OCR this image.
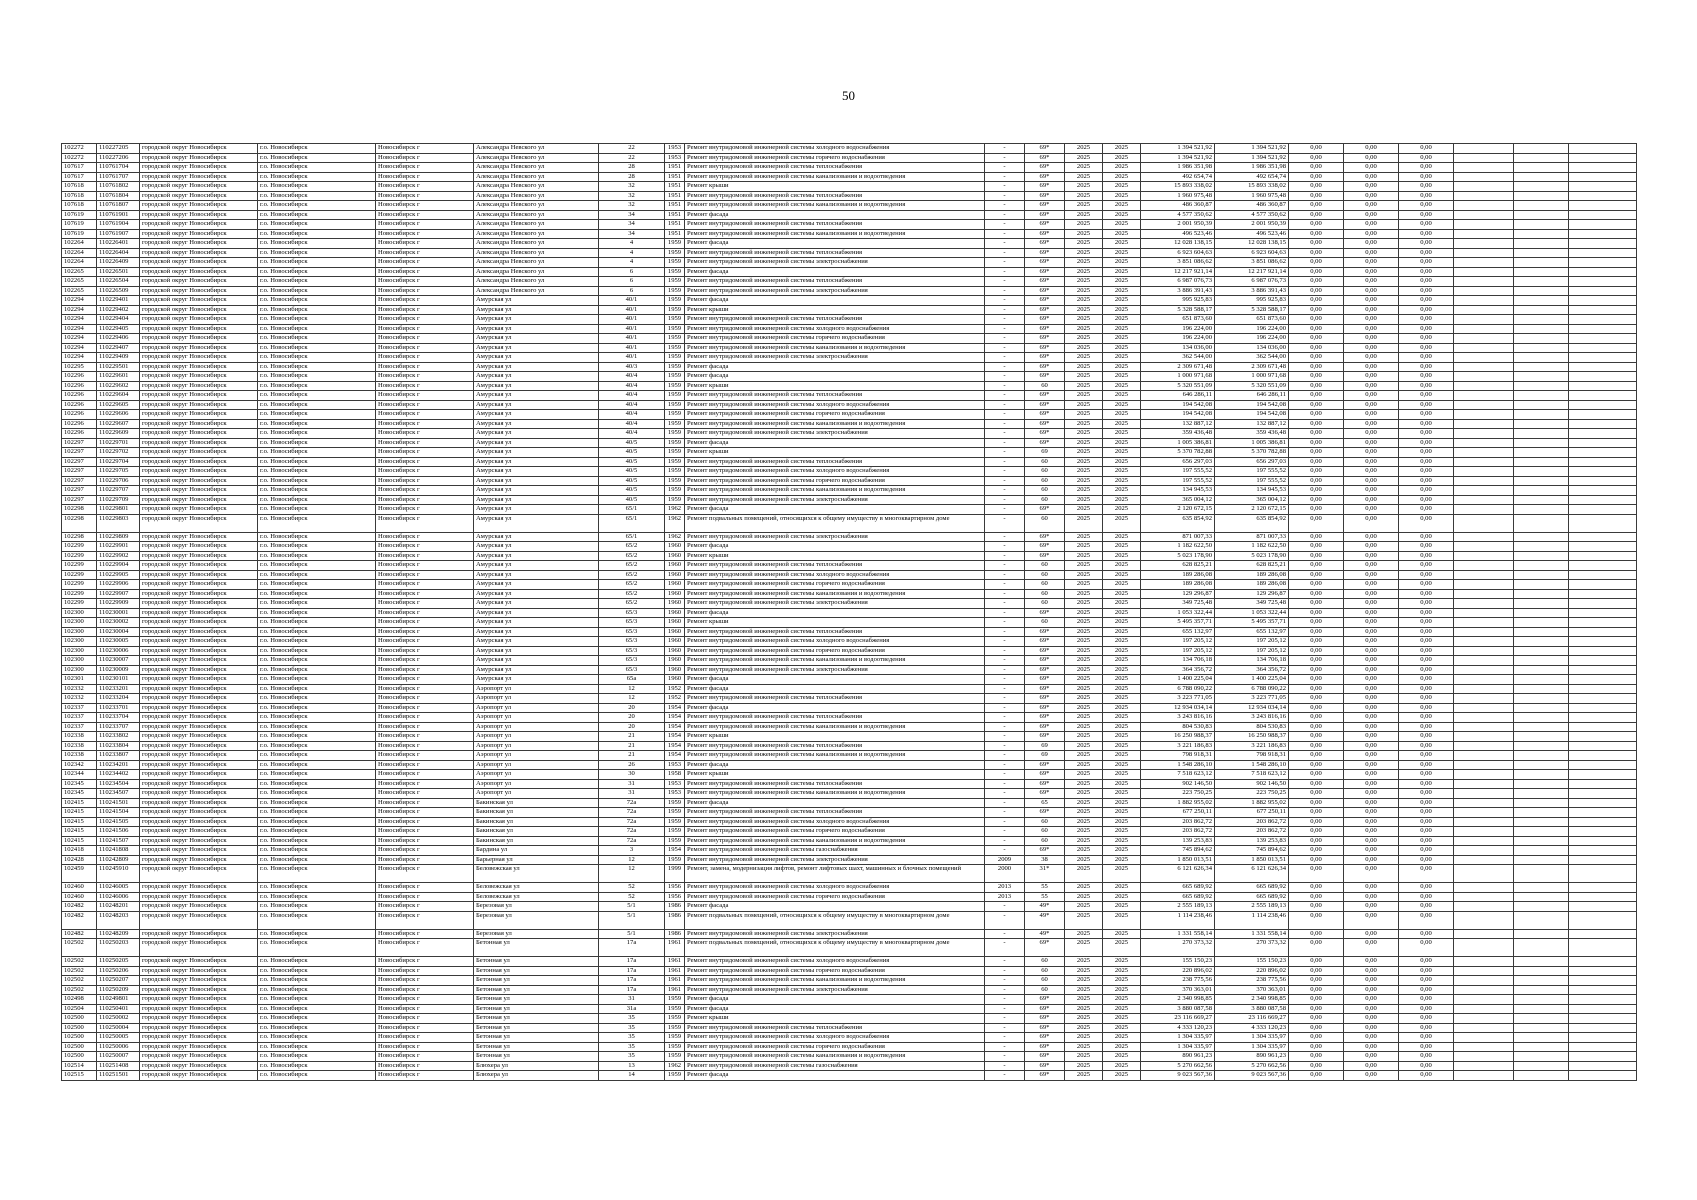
50
102272	110227205	городской округ Новосибирск	г.о. Новосибирск	Новосибирск г	Александра Невского ул	22	1953	Ремонт внутридомовой инженерной системы холодного водоснабжения	-	69*	2025	2025	1 394 521,92	1 394 521,92	0,00	0,00	0,00			
102272	110227206	городской округ Новосибирск	г.о. Новосибирск	Новосибирск г	Александра Невского ул	22	1953	Ремонт внутридомовой инженерной системы горячего водоснабжения	-	69*	2025	2025	1 394 521,92	1 394 521,92	0,00	0,00	0,00			
107617	110761704	городской округ Новосибирск	г.о. Новосибирск	Новосибирск г	Александра Невского ул	28	1951	Ремонт внутридомовой инженерной системы теплоснабжения	-	69*	2025	2025	1 986 351,98	1 986 351,98	0,00	0,00	0,00			
107617	110761707	городской округ Новосибирск	г.о. Новосибирск	Новосибирск г	Александра Невского ул	28	1951	Ремонт внутридомовой инженерной системы канализования и водоотведения	-	69*	2025	2025	492 654,74	492 654,74	0,00	0,00	0,00			
107618	110761802	городской округ Новосибирск	г.о. Новосибирск	Новосибирск г	Александра Невского ул	32	1951	Ремонт крыши	-	69*	2025	2025	15 893 338,02	15 893 338,02	0,00	0,00	0,00			
107618	110761804	городской округ Новосибирск	г.о. Новосибирск	Новосибирск г	Александра Невского ул	32	1951	Ремонт внутридомовой инженерной системы теплоснабжения	-	69*	2025	2025	1 960 975,48	1 960 975,48	0,00	0,00	0,00			
107618	110761807	городской округ Новосибирск	г.о. Новосибирск	Новосибирск г	Александра Невского ул	32	1951	Ремонт внутридомовой инженерной системы канализования и водоотведения	-	69*	2025	2025	486 360,87	486 360,87	0,00	0,00	0,00			
107619	110761901	городской округ Новосибирск	г.о. Новосибирск	Новосибирск г	Александра Невского ул	34	1951	Ремонт фасада	-	69*	2025	2025	4 577 350,62	4 577 350,62	0,00	0,00	0,00			
107619	110761904	городской округ Новосибирск	г.о. Новосибирск	Новосибирск г	Александра Невского ул	34	1951	Ремонт внутридомовой инженерной системы теплоснабжения	-	69*	2025	2025	2 001 950,39	2 001 950,39	0,00	0,00	0,00			
107619	110761907	городской округ Новосибирск	г.о. Новосибирск	Новосибирск г	Александра Невского ул	34	1951	Ремонт внутридомовой инженерной системы канализования и водоотведения	-	69*	2025	2025	496 523,46	496 523,46	0,00	0,00	0,00			
102264	110226401	городской округ Новосибирск	г.о. Новосибирск	Новосибирск г	Александра Невского ул	4	1959	Ремонт фасада	-	69*	2025	2025	12 028 138,15	12 028 138,15	0,00	0,00	0,00			
102264	110226404	городской округ Новосибирск	г.о. Новосибирск	Новосибирск г	Александра Невского ул	4	1959	Ремонт внутридомовой инженерной системы теплоснабжения	-	69*	2025	2025	6 923 604,63	6 923 604,63	0,00	0,00	0,00			
102264	110226409	городской округ Новосибирск	г.о. Новосибирск	Новосибирск г	Александра Невского ул	4	1959	Ремонт внутридомовой инженерной системы электроснабжения	-	69*	2025	2025	3 851 086,62	3 851 086,62	0,00	0,00	0,00			
102265	110226501	городской округ Новосибирск	г.о. Новосибирск	Новосибирск г	Александра Невского ул	6	1959	Ремонт фасада	-	69*	2025	2025	12 217 921,14	12 217 921,14	0,00	0,00	0,00			
102265	110226504	городской округ Новосибирск	г.о. Новосибирск	Новосибирск г	Александра Невского ул	6	1959	Ремонт внутридомовой инженерной системы теплоснабжения	-	69*	2025	2025	6 987 076,73	6 987 076,73	0,00	0,00	0,00			
102265	110226509	городской округ Новосибирск	г.о. Новосибирск	Новосибирск г	Александра Невского ул	6	1959	Ремонт внутридомовой инженерной системы электроснабжения	-	69*	2025	2025	3 886 391,43	3 886 391,43	0,00	0,00	0,00			
102294	110229401	городской округ Новосибирск	г.о. Новосибирск	Новосибирск г	Амурская ул	40/1	1959	Ремонт фасада	-	69*	2025	2025	995 925,83	995 925,83	0,00	0,00	0,00			
102294	110229402	городской округ Новосибирск	г.о. Новосибирск	Новосибирск г	Амурская ул	40/1	1959	Ремонт крыши	-	69*	2025	2025	5 328 588,17	5 328 588,17	0,00	0,00	0,00			
102294	110229404	городской округ Новосибирск	г.о. Новосибирск	Новосибирск г	Амурская ул	40/1	1959	Ремонт внутридомовой инженерной системы теплоснабжения	-	69*	2025	2025	651 873,60	651 873,60	0,00	0,00	0,00			
102294	110229405	городской округ Новосибирск	г.о. Новосибирск	Новосибирск г	Амурская ул	40/1	1959	Ремонт внутридомовой инженерной системы холодного водоснабжения	-	69*	2025	2025	196 224,00	196 224,00	0,00	0,00	0,00			
102294	110229406	городской округ Новосибирск	г.о. Новосибирск	Новосибирск г	Амурская ул	40/1	1959	Ремонт внутридомовой инженерной системы горячего водоснабжения	-	69*	2025	2025	196 224,00	196 224,00	0,00	0,00	0,00			
102294	110229407	городской округ Новосибирск	г.о. Новосибирск	Новосибирск г	Амурская ул	40/1	1959	Ремонт внутридомовой инженерной системы канализования и водоотведения	-	69*	2025	2025	134 036,00	134 036,00	0,00	0,00	0,00			
102294	110229409	городской округ Новосибирск	г.о. Новосибирск	Новосибирск г	Амурская ул	40/1	1959	Ремонт внутридомовой инженерной системы электроснабжения	-	69*	2025	2025	362 544,00	362 544,00	0,00	0,00	0,00			
102295	110229501	городской округ Новосибирск	г.о. Новосибирск	Новосибирск г	Амурская ул	40/3	1959	Ремонт фасада	-	69*	2025	2025	2 309 671,48	2 309 671,48	0,00	0,00	0,00			
102296	110229601	городской округ Новосибирск	г.о. Новосибирск	Новосибирск г	Амурская ул	40/4	1959	Ремонт фасада	-	69*	2025	2025	1 000 971,68	1 000 971,68	0,00	0,00	0,00			
102296	110229602	городской округ Новосибирск	г.о. Новосибирск	Новосибирск г	Амурская ул	40/4	1959	Ремонт крыши	-	60	2025	2025	5 320 551,09	5 320 551,09	0,00	0,00	0,00			
102296	110229604	городской округ Новосибирск	г.о. Новосибирск	Новосибирск г	Амурская ул	40/4	1959	Ремонт внутридомовой инженерной системы теплоснабжения	-	69*	2025	2025	646 286,11	646 286,11	0,00	0,00	0,00			
102296	110229605	городской округ Новосибирск	г.о. Новосибирск	Новосибирск г	Амурская ул	40/4	1959	Ремонт внутридомовой инженерной системы холодного водоснабжения	-	69*	2025	2025	194 542,08	194 542,08	0,00	0,00	0,00			
102296	110229606	городской округ Новосибирск	г.о. Новосибирск	Новосибирск г	Амурская ул	40/4	1959	Ремонт внутридомовой инженерной системы горячего водоснабжения	-	69*	2025	2025	194 542,08	194 542,08	0,00	0,00	0,00			
102296	110229607	городской округ Новосибирск	г.о. Новосибирск	Новосибирск г	Амурская ул	40/4	1959	Ремонт внутридомовой инженерной системы канализования и водоотведения	-	69*	2025	2025	132 887,12	132 887,12	0,00	0,00	0,00			
102296	110229609	городской округ Новосибирск	г.о. Новосибирск	Новосибирск г	Амурская ул	40/4	1959	Ремонт внутридомовой инженерной системы электроснабжения	-	69*	2025	2025	359 436,48	359 436,48	0,00	0,00	0,00			
102297	110229701	городской округ Новосибирск	г.о. Новосибирск	Новосибирск г	Амурская ул	40/5	1959	Ремонт фасада	-	69*	2025	2025	1 005 386,81	1 005 386,81	0,00	0,00	0,00			
102297	110229702	городской округ Новосибирск	г.о. Новосибирск	Новосибирск г	Амурская ул	40/5	1959	Ремонт крыши	-	69	2025	2025	5 370 782,88	5 370 782,88	0,00	0,00	0,00			
102297	110229704	городской округ Новосибирск	г.о. Новосибирск	Новосибирск г	Амурская ул	40/5	1959	Ремонт внутридомовой инженерной системы теплоснабжения	-	60	2025	2025	656 297,03	656 297,03	0,00	0,00	0,00			
102297	110229705	городской округ Новосибирск	г.о. Новосибирск	Новосибирск г	Амурская ул	40/5	1959	Ремонт внутридомовой инженерной системы холодного водоснабжения	-	60	2025	2025	197 555,52	197 555,52	0,00	0,00	0,00			
102297	110229706	городской округ Новосибирск	г.о. Новосибирск	Новосибирск г	Амурская ул	40/5	1959	Ремонт внутридомовой инженерной системы горячего водоснабжения	-	60	2025	2025	197 555,52	197 555,52	0,00	0,00	0,00			
102297	110229707	городской округ Новосибирск	г.о. Новосибирск	Новосибирск г	Амурская ул	40/5	1959	Ремонт внутридомовой инженерной системы канализования и водоотведения	-	60	2025	2025	134 945,53	134 945,53	0,00	0,00	0,00			
102297	110229709	городской округ Новосибирск	г.о. Новосибирск	Новосибирск г	Амурская ул	40/5	1959	Ремонт внутридомовой инженерной системы электроснабжения	-	60	2025	2025	365 004,12	365 004,12	0,00	0,00	0,00			
102298	110229801	городской округ Новосибирск	г.о. Новосибирск	Новосибирск г	Амурская ул	65/1	1962	Ремонт фасада	-	69*	2025	2025	2 120 672,15	2 120 672,15	0,00	0,00	0,00			
102298	110229803	городской округ Новосибирск	г.о. Новосибирск	Новосибирск г	Амурская ул	65/1	1962	Ремонт подвальных помещений, относящихся к общему имуществу в многоквартирном доме	-	60	2025	2025	635 854,92	635 854,92	0,00	0,00	0,00			
102298	110229809	городской округ Новосибирск	г.о. Новосибирск	Новосибирск г	Амурская ул	65/1	1962	Ремонт внутридомовой инженерной системы электроснабжения	-	69*	2025	2025	871 007,33	871 007,33	0,00	0,00	0,00			
102299	110229901	городской округ Новосибирск	г.о. Новосибирск	Новосибирск г	Амурская ул	65/2	1960	Ремонт фасада	-	69*	2025	2025	1 182 622,50	1 182 622,50	0,00	0,00	0,00			
102299	110229902	городской округ Новосибирск	г.о. Новосибирск	Новосибирск г	Амурская ул	65/2	1960	Ремонт крыши	-	69*	2025	2025	5 023 178,90	5 023 178,90	0,00	0,00	0,00			
102299	110229904	городской округ Новосибирск	г.о. Новосибирск	Новосибирск г	Амурская ул	65/2	1960	Ремонт внутридомовой инженерной системы теплоснабжения	-	60	2025	2025	628 825,21	628 825,21	0,00	0,00	0,00			
102299	110229905	городской округ Новосибирск	г.о. Новосибирск	Новосибирск г	Амурская ул	65/2	1960	Ремонт внутридомовой инженерной системы холодного водоснабжения	-	60	2025	2025	189 286,08	189 286,08	0,00	0,00	0,00			
102299	110229906	городской округ Новосибирск	г.о. Новосибирск	Новосибирск г	Амурская ул	65/2	1960	Ремонт внутридомовой инженерной системы горячего водоснабжения	-	60	2025	2025	189 286,08	189 286,08	0,00	0,00	0,00			
102299	110229907	городской округ Новосибирск	г.о. Новосибирск	Новосибирск г	Амурская ул	65/2	1960	Ремонт внутридомовой инженерной системы канализования и водоотведения	-	60	2025	2025	129 296,87	129 296,87	0,00	0,00	0,00			
102299	110229909	городской округ Новосибирск	г.о. Новосибирск	Новосибирск г	Амурская ул	65/2	1960	Ремонт внутридомовой инженерной системы электроснабжения	-	60	2025	2025	349 725,48	349 725,48	0,00	0,00	0,00			
102300	110230001	городской округ Новосибирск	г.о. Новосибирск	Новосибирск г	Амурская ул	65/3	1960	Ремонт фасада	-	69*	2025	2025	1 053 322,44	1 053 322,44	0,00	0,00	0,00			
102300	110230002	городской округ Новосибирск	г.о. Новосибирск	Новосибирск г	Амурская ул	65/3	1960	Ремонт крыши	-	60	2025	2025	5 495 357,71	5 495 357,71	0,00	0,00	0,00			
102300	110230004	городской округ Новосибирск	г.о. Новосибирск	Новосибирск г	Амурская ул	65/3	1960	Ремонт внутридомовой инженерной системы теплоснабжения	-	69*	2025	2025	655 132,97	655 132,97	0,00	0,00	0,00			
102300	110230005	городской округ Новосибирск	г.о. Новосибирск	Новосибирск г	Амурская ул	65/3	1960	Ремонт внутридомовой инженерной системы холодного водоснабжения	-	69*	2025	2025	197 205,12	197 205,12	0,00	0,00	0,00			
102300	110230006	городской округ Новосибирск	г.о. Новосибирск	Новосибирск г	Амурская ул	65/3	1960	Ремонт внутридомовой инженерной системы горячего водоснабжения	-	69*	2025	2025	197 205,12	197 205,12	0,00	0,00	0,00			
102300	110230007	городской округ Новосибирск	г.о. Новосибирск	Новосибирск г	Амурская ул	65/3	1960	Ремонт внутридомовой инженерной системы канализования и водоотведения	-	69*	2025	2025	134 706,18	134 706,18	0,00	0,00	0,00			
102300	110230009	городской округ Новосибирск	г.о. Новосибирск	Новосибирск г	Амурская ул	65/3	1960	Ремонт внутридомовой инженерной системы электроснабжения	-	69*	2025	2025	364 356,72	364 356,72	0,00	0,00	0,00			
102301	110230101	городской округ Новосибирск	г.о. Новосибирск	Новосибирск г	Амурская ул	65а	1960	Ремонт фасада	-	69*	2025	2025	1 400 225,04	1 400 225,04	0,00	0,00	0,00			
102332	110233201	городской округ Новосибирск	г.о. Новосибирск	Новосибирск г	Аэропорт ул	12	1952	Ремонт фасада	-	69*	2025	2025	6 788 090,22	6 788 090,22	0,00	0,00	0,00			
102332	110233204	городской округ Новосибирск	г.о. Новосибирск	Новосибирск г	Аэропорт ул	12	1952	Ремонт внутридомовой инженерной системы теплоснабжения	-	69*	2025	2025	3 223 771,05	3 223 771,05	0,00	0,00	0,00			
102337	110233701	городской округ Новосибирск	г.о. Новосибирск	Новосибирск г	Аэропорт ул	20	1954	Ремонт фасада	-	69*	2025	2025	12 934 034,14	12 934 034,14	0,00	0,00	0,00			
102337	110233704	городской округ Новосибирск	г.о. Новосибирск	Новосибирск г	Аэропорт ул	20	1954	Ремонт внутридомовой инженерной системы теплоснабжения	-	69*	2025	2025	3 243 816,16	3 243 816,16	0,00	0,00	0,00			
102337	110233707	городской округ Новосибирск	г.о. Новосибирск	Новосибирск г	Аэропорт ул	20	1954	Ремонт внутридомовой инженерной системы канализования и водоотведения	-	69*	2025	2025	804 530,83	804 530,83	0,00	0,00	0,00			
102338	110233802	городской округ Новосибирск	г.о. Новосибирск	Новосибирск г	Аэропорт ул	21	1954	Ремонт крыши	-	69*	2025	2025	16 250 988,37	16 250 988,37	0,00	0,00	0,00			
102338	110233804	городской округ Новосибирск	г.о. Новосибирск	Новосибирск г	Аэропорт ул	21	1954	Ремонт внутридомовой инженерной системы теплоснабжения	-	69	2025	2025	3 221 186,83	3 221 186,83	0,00	0,00	0,00			
102338	110233807	городской округ Новосибирск	г.о. Новосибирск	Новосибирск г	Аэропорт ул	21	1954	Ремонт внутридомовой инженерной системы канализования и водоотведения	-	69	2025	2025	798 918,31	798 918,31	0,00	0,00	0,00			
102342	110234201	городской округ Новосибирск	г.о. Новосибирск	Новосибирск г	Аэропорт ул	26	1953	Ремонт фасада	-	69*	2025	2025	1 548 286,10	1 548 286,10	0,00	0,00	0,00			
102344	110234402	городской округ Новосибирск	г.о. Новосибирск	Новосибирск г	Аэропорт ул	30	1958	Ремонт крыши	-	69*	2025	2025	7 518 623,12	7 518 623,12	0,00	0,00	0,00			
102345	110234504	городской округ Новосибирск	г.о. Новосибирск	Новосибирск г	Аэропорт ул	31	1953	Ремонт внутридомовой инженерной системы теплоснабжения	-	69*	2025	2025	902 146,50	902 146,50	0,00	0,00	0,00			
102345	110234507	городской округ Новосибирск	г.о. Новосибирск	Новосибирск г	Аэропорт ул	31	1953	Ремонт внутридомовой инженерной системы канализования и водоотведения	-	69*	2025	2025	223 750,25	223 750,25	0,00	0,00	0,00			
102415	110241501	городской округ Новосибирск	г.о. Новосибирск	Новосибирск г	Бакинская ул	72а	1959	Ремонт фасада	-	65	2025	2025	1 882 955,02	1 882 955,02	0,00	0,00	0,00			
102415	110241504	городской округ Новосибирск	г.о. Новосибирск	Новосибирск г	Бакинская ул	72а	1959	Ремонт внутридомовой инженерной системы теплоснабжения	-	69*	2025	2025	677 250,11	677 250,11	0,00	0,00	0,00			
102415	110241505	городской округ Новосибирск	г.о. Новосибирск	Новосибирск г	Бакинская ул	72а	1959	Ремонт внутридомовой инженерной системы холодного водоснабжения	-	60	2025	2025	203 862,72	203 862,72	0,00	0,00	0,00			
102415	110241506	городской округ Новосибирск	г.о. Новосибирск	Новосибирск г	Бакинская ул	72а	1959	Ремонт внутридомовой инженерной системы горячего водоснабжения	-	60	2025	2025	203 862,72	203 862,72	0,00	0,00	0,00			
102415	110241507	городской округ Новосибирск	г.о. Новосибирск	Новосибирск г	Бакинская ул	72а	1959	Ремонт внутридомовой инженерной системы канализования и водоотведения	-	60	2025	2025	139 253,83	139 253,83	0,00	0,00	0,00			
102418	110241808	городской округ Новосибирск	г.о. Новосибирск	Новосибирск г	Бардина ул	3	1954	Ремонт внутридомовой инженерной системы газоснабжения	-	69*	2025	2025	745 894,62	745 894,62	0,00	0,00	0,00			
102428	110242809	городской округ Новосибирск	г.о. Новосибирск	Новосибирск г	Барьерная ул	12	1959	Ремонт внутридомовой инженерной системы электроснабжения	2009	38	2025	2025	1 850 013,51	1 850 013,51	0,00	0,00	0,00			
102459	110245910	городской округ Новосибирск	г.о. Новосибирск	Новосибирск г	Беловежская ул	12	1999	Ремонт, замена, модернизация лифтов, ремонт лифтовых шахт, машинных и блочных помещений	2000	31*	2025	2025	6 121 626,34	6 121 626,34	0,00	0,00	0,00			
102460	110246005	городской округ Новосибирск	г.о. Новосибирск	Новосибирск г	Беловежская ул	52	1956	Ремонт внутридомовой инженерной системы холодного водоснабжения	2013	55	2025	2025	665 689,92	665 689,92	0,00	0,00	0,00			
102460	110246006	городской округ Новосибирск	г.о. Новосибирск	Новосибирск г	Беловежская ул	52	1956	Ремонт внутридомовой инженерной системы горячего водоснабжения	2013	55	2025	2025	665 689,92	665 689,92	0,00	0,00	0,00			
102482	110248201	городской округ Новосибирск	г.о. Новосибирск	Новосибирск г	Березовая ул	5/1	1986	Ремонт фасада	-	49*	2025	2025	2 555 189,13	2 555 189,13	0,00	0,00	0,00			
102482	110248203	городской округ Новосибирск	г.о. Новосибирск	Новосибирск г	Березовая ул	5/1	1986	Ремонт подвальных помещений, относящихся к общему имуществу в многоквартирном доме	-	49*	2025	2025	1 114 238,46	1 114 238,46	0,00	0,00	0,00			
102482	110248209	городской округ Новосибирск	г.о. Новосибирск	Новосибирск г	Березовая ул	5/1	1986	Ремонт внутридомовой инженерной системы электроснабжения	-	49*	2025	2025	1 331 558,14	1 331 558,14	0,00	0,00	0,00			
102502	110250203	городской округ Новосибирск	г.о. Новосибирск	Новосибирск г	Бетонная ул	17а	1961	Ремонт подвальных помещений, относящихся к общему имуществу в многоквартирном доме	-	69*	2025	2025	270 373,32	270 373,32	0,00	0,00	0,00			
102502	110250205	городской округ Новосибирск	г.о. Новосибирск	Новосибирск г	Бетонная ул	17а	1961	Ремонт внутридомовой инженерной системы холодного водоснабжения	-	60	2025	2025	155 150,23	155 150,23	0,00	0,00	0,00			
102502	110250206	городской округ Новосибирск	г.о. Новосибирск	Новосибирск г	Бетонная ул	17а	1961	Ремонт внутридомовой инженерной системы горячего водоснабжения	-	60	2025	2025	220 896,02	220 896,02	0,00	0,00	0,00			
102502	110250207	городской округ Новосибирск	г.о. Новосибирск	Новосибирск г	Бетонная ул	17а	1961	Ремонт внутридомовой инженерной системы канализования и водоотведения	-	60	2025	2025	238 775,56	238 775,56	0,00	0,00	0,00			
102502	110250209	городской округ Новосибирск	г.о. Новосибирск	Новосибирск г	Бетонная ул	17а	1961	Ремонт внутридомовой инженерной системы электроснабжения	-	60	2025	2025	370 363,01	370 363,01	0,00	0,00	0,00			
102498	110249801	городской округ Новосибирск	г.о. Новосибирск	Новосибирск г	Бетонная ул	31	1959	Ремонт фасада	-	69*	2025	2025	2 340 998,85	2 340 998,85	0,00	0,00	0,00			
102504	110250401	городской округ Новосибирск	г.о. Новосибирск	Новосибирск г	Бетонная ул	31а	1959	Ремонт фасада	-	69*	2025	2025	3 880 087,58	3 880 087,58	0,00	0,00	0,00			
102500	110250002	городской округ Новосибирск	г.о. Новосибирск	Новосибирск г	Бетонная ул	35	1959	Ремонт крыши	-	69*	2025	2025	23 116 669,27	23 116 669,27	0,00	0,00	0,00			
102500	110250004	городской округ Новосибирск	г.о. Новосибирск	Новосибирск г	Бетонная ул	35	1959	Ремонт внутридомовой инженерной системы теплоснабжения	-	69*	2025	2025	4 333 120,23	4 333 120,23	0,00	0,00	0,00			
102500	110250005	городской округ Новосибирск	г.о. Новосибирск	Новосибирск г	Бетонная ул	35	1959	Ремонт внутридомовой инженерной системы холодного водоснабжения	-	69*	2025	2025	1 304 335,97	1 304 335,97	0,00	0,00	0,00			
102500	110250006	городской округ Новосибирск	г.о. Новосибирск	Новосибирск г	Бетонная ул	35	1959	Ремонт внутридомовой инженерной системы горячего водоснабжения	-	69*	2025	2025	1 304 335,97	1 304 335,97	0,00	0,00	0,00			
102500	110250007	городской округ Новосибирск	г.о. Новосибирск	Новосибирск г	Бетонная ул	35	1959	Ремонт внутридомовой инженерной системы канализования и водоотведения	-	69*	2025	2025	890 961,23	890 961,23	0,00	0,00	0,00			
102514	110251408	городской округ Новосибирск	г.о. Новосибирск	Новосибирск г	Блюхера ул	13	1962	Ремонт внутридомовой инженерной системы газоснабжения	-	69*	2025	2025	5 270 662,56	5 270 662,56	0,00	0,00	0,00			
102515	110251501	городской округ Новосибирск	г.о. Новосибирск	Новосибирск г	Блюхера ул	14	1959	Ремонт фасада	-	69*	2025	2025	9 023 567,36	9 023 567,36	0,00	0,00	0,00			
